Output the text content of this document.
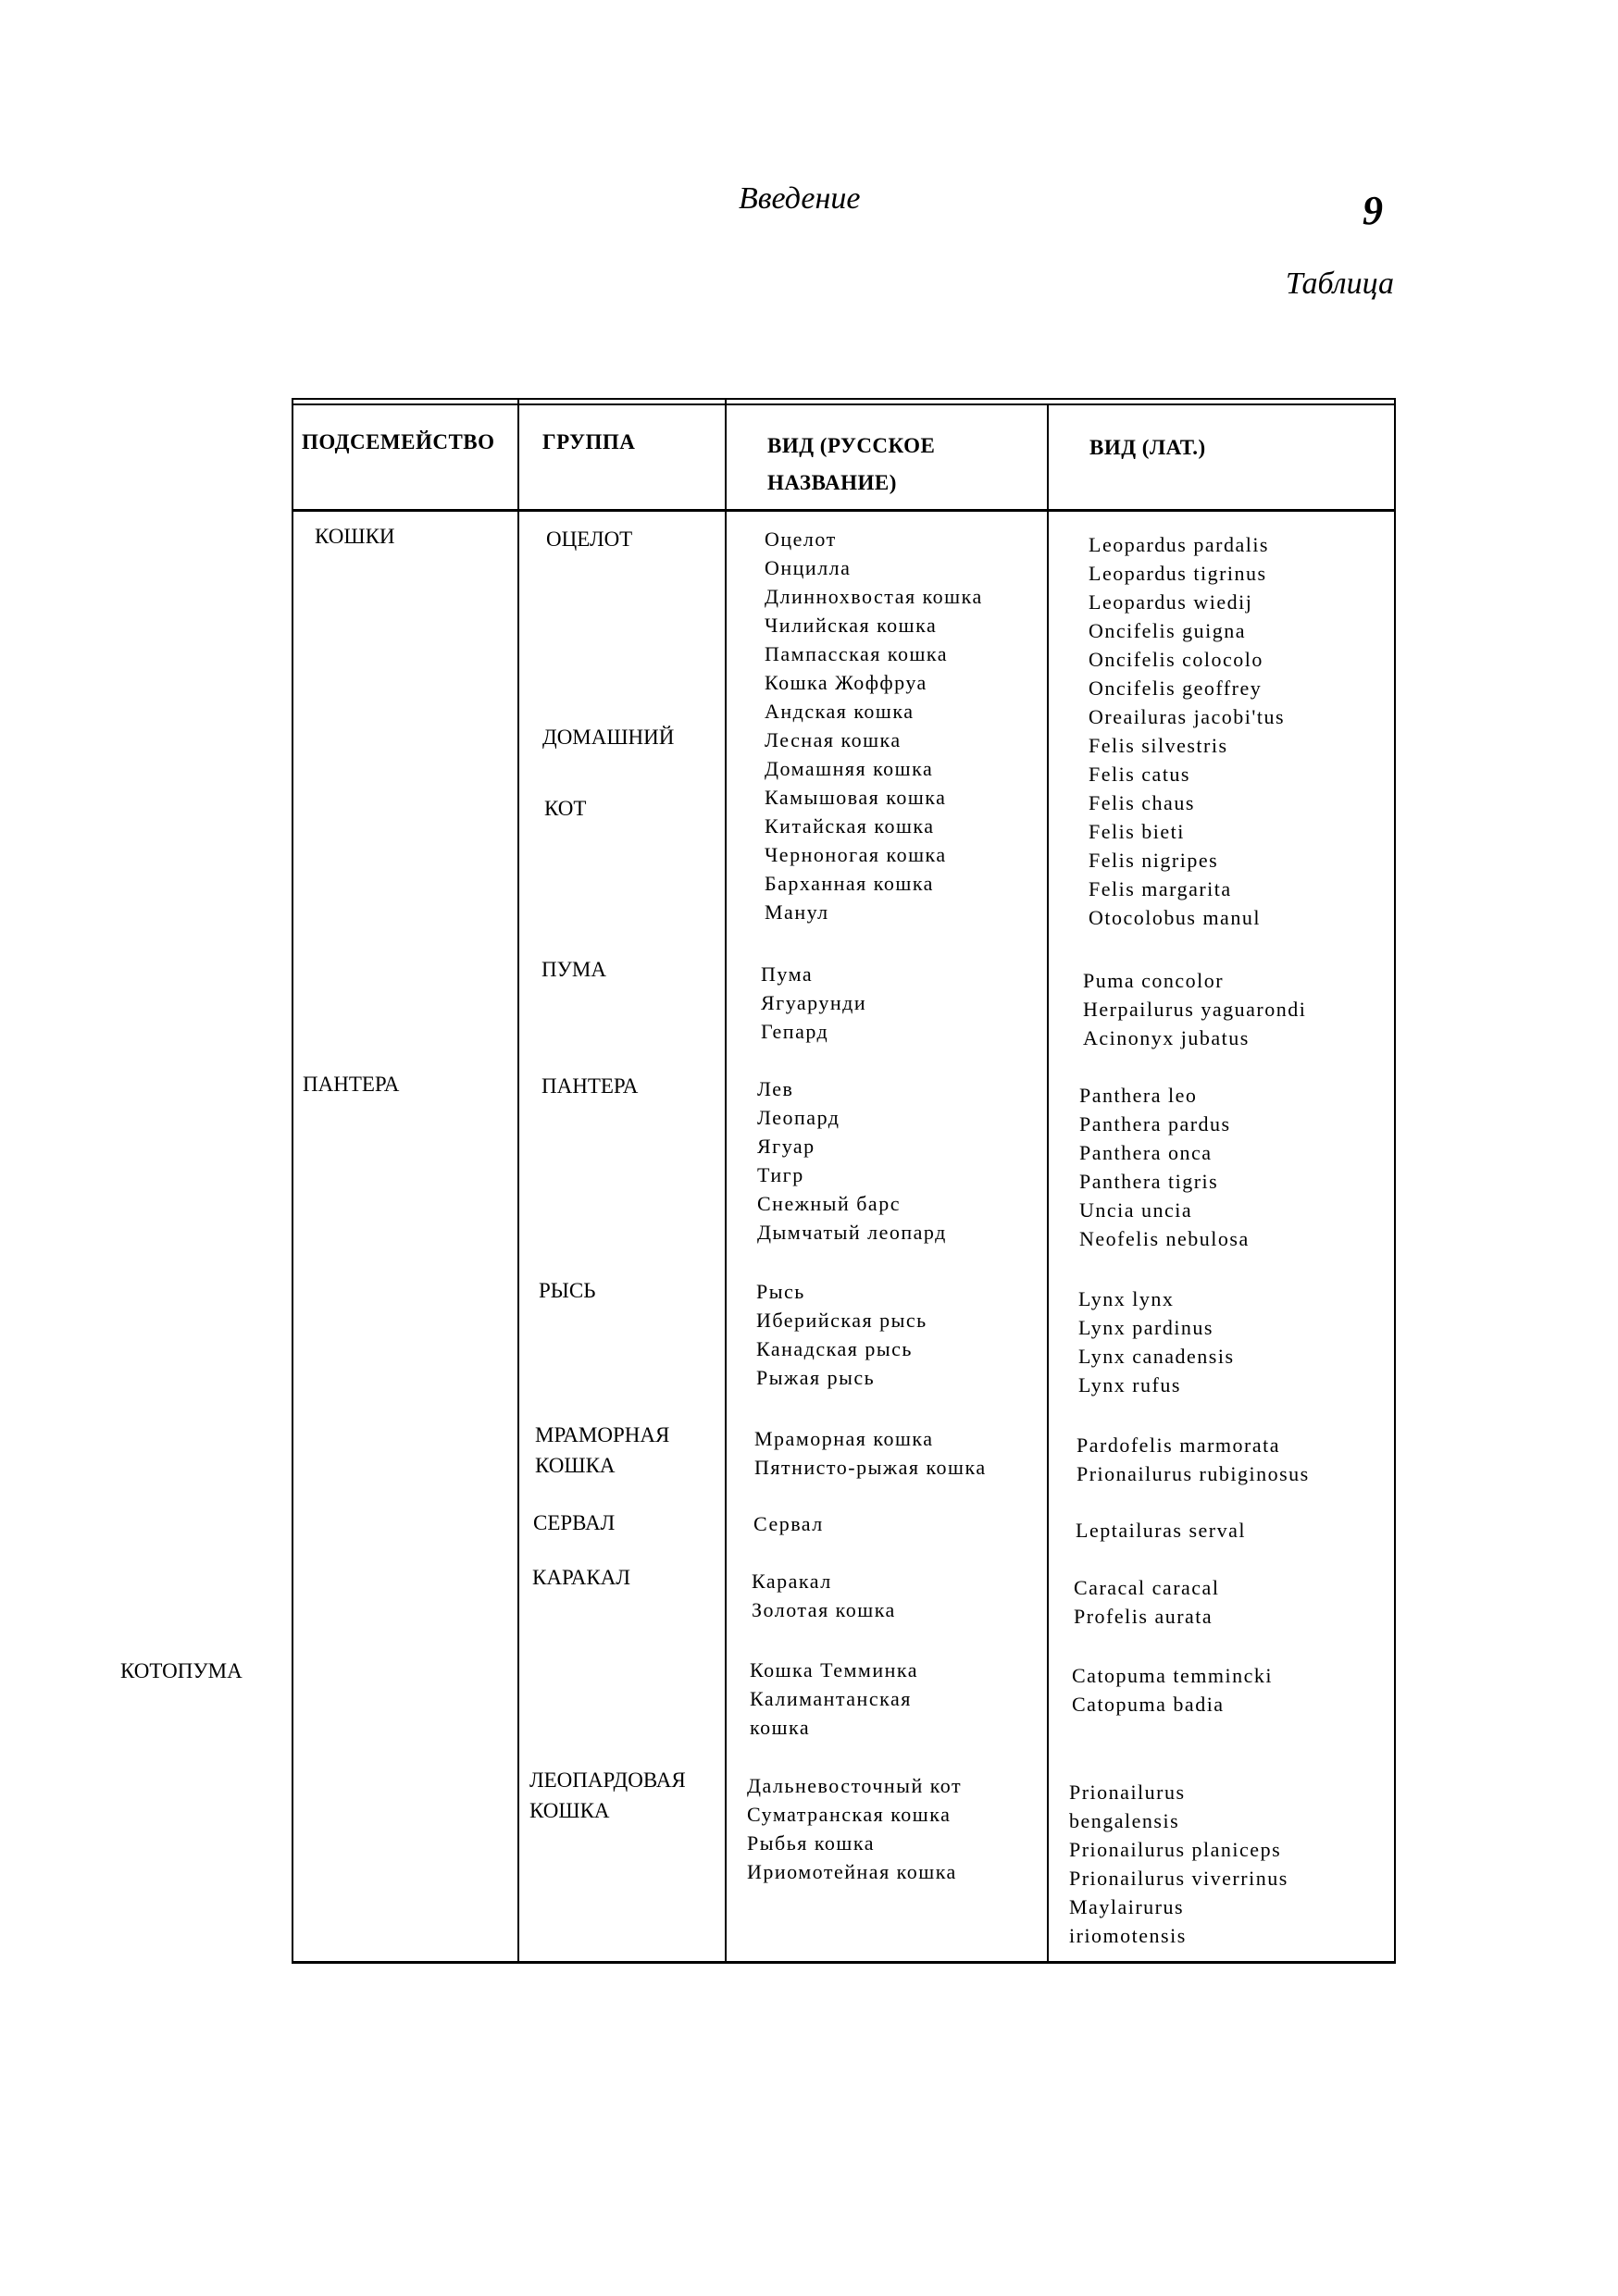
Введение	9
Таблица
ПОДСЕМЕЙСТВО ГРУППА	ВИД (РУССКОЕ
НАЗВАНИЕ)
ВИД (ЛАТ.)
КОШКИ
ПАНТЕРА
КОТОПУМА
ОЦЕЛОТ
ДОМАШНИЙ
КОТ
ПУМА
ПАНТЕРА
РЫСЬ
МРАМОРНАЯ
КОШКА
СЕРВАЛ
КАРАКАЛ
ЛЕОПАРДОВАЯ
КОШКА
Оцелот
Онцилла
Длиннохвостая кошка
Чилийская кошка
Пампасская кошка
Кошка Жоффруа
Андская кошка
Лесная кошка
Домашняя кошка
Камышовая кошка
Китайская кошка
Черноногая кошка
Барханная кошка
Манул
Пума
Ягуарунди
Гепард
Лев
Леопард
Ягуар
Тигр
Снежный барс
Дымчатый леопард
Рысь
Иберийская рысь
Канадская рысь
Рыжая рысь
Мраморная кошка
Пятнисто-рыжая кошка
Сервал
Каракал
Золотая кошка
Кошка Темминка
Калимантанская
кошка
Дальневосточный кот
Суматранская кошка
Рыбья кошка
Ириомотейная кошка
Leopardus pardalis
Leopardus tigrinus
Leopardus wiedij
Oncifelis guigna
Oncifelis colocolo
Oncifelis geoffrey
Oreailuras jacobi'tus
Felis silvestris
Felis catus
Felis chaus
Felis bieti
Felis nigripes
Felis margarita
Otocolobus manul
Puma concolor
Herpailurus yaguarondi
Acinonyx jubatus
Panthera leo
Panthera pardus
Panthera onca
Panthera tigris
Uncia uncia
Neofelis nebulosa
Lynx lynx
Lynx pardinus
Lynx canadensis
Lynx rufus
Pardofelis marmorata
Prionailurus rubiginosus
Leptailuras serval
Caracal caracal
Profelis aurata
Catopuma temmincki
Catopuma badia
Prionailurus
bengalensis
Prionailurus planiceps
Prionailurus viverrinus
Maylairurus
iriomotensis
